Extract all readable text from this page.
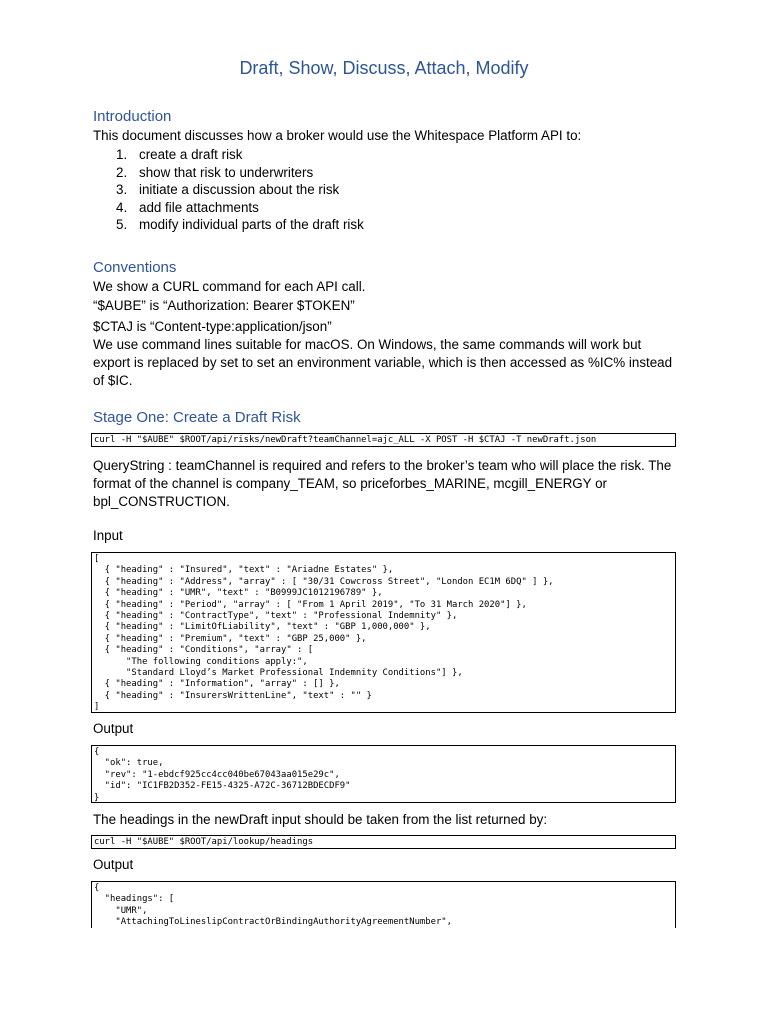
Draft, Show, Discuss, Attach, Modify
Introduction
This document discusses how a broker would use the Whitespace Platform API to:
1. create a draft risk
2. show that risk to underwriters
3. initiate a discussion about the risk
4. add file attachments
5. modify individual parts of the draft risk
Conventions
We show a CURL command for each API call.
“$AUBE” is “Authorization: Bearer $TOKEN”
$CTAJ is “Content-type:application/json”
We use command lines suitable for macOS. On Windows, the same commands will work but export is replaced by set to set an environment variable, which is then accessed as %IC% instead of $IC.
Stage One: Create a Draft Risk
curl -H "$AUBE" $ROOT/api/risks/newDraft?teamChannel=ajc_ALL -X POST -H $CTAJ -T newDraft.json
QueryString : teamChannel is required and refers to the broker’s team who will place the risk. The format of the channel is company_TEAM, so priceforbes_MARINE, mcgill_ENERGY or bpl_CONSTRUCTION.
Input
[
{ "heading" : "Insured", "text" : "Ariadne Estates" },
{ "heading" : "Address", "array" : [ "30/31 Cowcross Street", "London EC1M 6DQ" ] },
{ "heading" : "UMR", "text" : "B0999JC1012196789" },
{ "heading" : "Period", "array" : [ "From 1 April 2019", "To 31 March 2020"] },
{ "heading" : "ContractType", "text" : "Professional Indemnity" },
{ "heading" : "LimitOfLiability", "text" : "GBP 1,000,000" },
{ "heading" : "Premium", "text" : "GBP 25,000" },
{ "heading" : "Conditions", "array" : [
"The following conditions apply:",
"Standard Lloyd’s Market Professional Indemnity Conditions"] },
{ "heading" : "Information", "array" : [] },
{ "heading" : "InsurersWrittenLine", "text" : "" }
]
Output
{
"ok": true,
"rev": "1-ebdcf925cc4cc040be67043aa015e29c",
"id": "IC1FB2D352-FE15-4325-A72C-36712BDECDF9"
}
The headings in the newDraft input should be taken from the list returned by:
curl -H "$AUBE" $ROOT/api/lookup/headings
Output
{
"headings": [
"UMR",
"AttachingToLineslipContractOrBindingAuthorityAgreementNumber",
